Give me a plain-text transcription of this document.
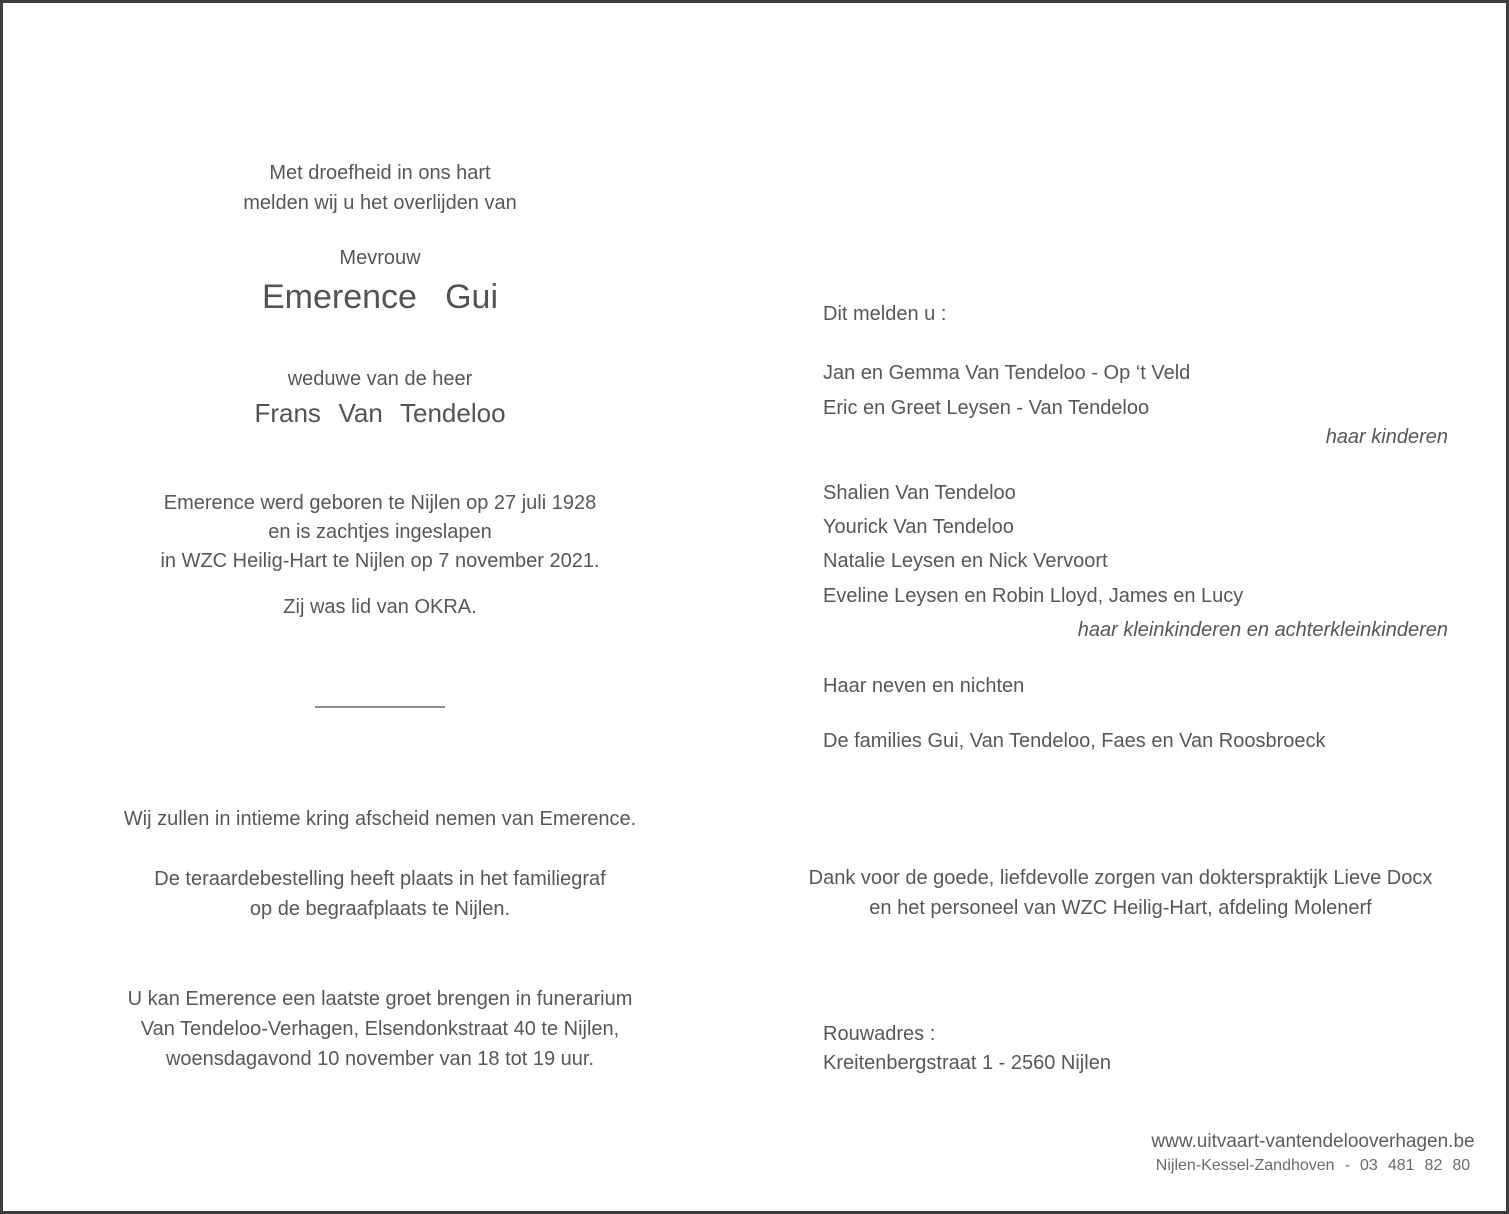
Met droefheid in ons hart
melden wij u het overlijden van
Mevrouw
Emerence Gui
weduwe van de heer
Frans Van Tendeloo
Emerence werd geboren te Nijlen op 27 juli 1928
en is zachtjes ingeslapen
in WZC Heilig-Hart te Nijlen op 7 november 2021.
Zij was lid van OKRA.
Wij zullen in intieme kring afscheid nemen van Emerence.
De teraardebestelling heeft plaats in het familiegraf
op de begraafplaats te Nijlen.
U kan Emerence een laatste groet brengen in funerarium
Van Tendeloo-Verhagen, Elsendonkstraat 40 te Nijlen,
woensdagavond 10 november van 18 tot 19 uur.
Dit melden u :
Jan en Gemma Van Tendeloo - Op ‘t Veld
Eric en Greet Leysen - Van Tendeloo
haar kinderen
Shalien Van Tendeloo
Yourick Van Tendeloo
Natalie Leysen en Nick Vervoort
Eveline Leysen en Robin Lloyd, James en Lucy
haar kleinkinderen en achterkleinkinderen
Haar neven en nichten
De families Gui, Van Tendeloo, Faes en Van Roosbroeck
Dank voor de goede, liefdevolle zorgen van dokterspraktijk Lieve Docx
en het personeel van WZC Heilig-Hart, afdeling Molenerf
Rouwadres :
Kreitenbergstraat 1 - 2560 Nijlen
www.uitvaart-vantendelooverhagen.be
Nijlen-Kessel-Zandhoven - 03 481 82 80
